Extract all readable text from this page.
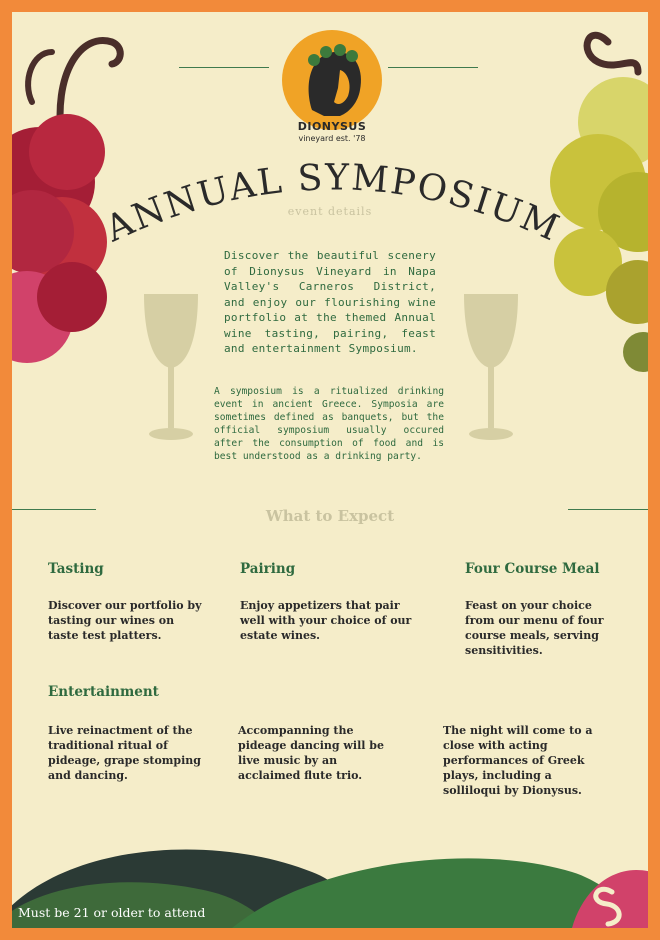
DIONYSUS
vineyard est. '78
ANNUAL SYMPOSIUM
event details
Discover the beautiful scenery of Dionysus Vineyard in Napa Valley's Carneros District, and enjoy our flourishing wine portfolio at the themed Annual wine tasting, pairing, feast and entertainment Symposium.
A symposium is a ritualized drinking event in ancient Greece. Symposia are sometimes defined as banquets, but the official symposium usually occured after the consumption of food and is best understood as a drinking party.
What to Expect
Tasting	Pairing	Four Course Meal
Discover our portfolio by tasting our wines on taste test platters.
Enjoy appetizers that pair well with your choice of our estate wines.
Feast on your choice from our menu of four course meals, serving sensitivities.
Entertainment
Live reinactment of the traditional ritual of pideage, grape stomping and dancing.
Accompanning the pideage dancing will be live music by an acclaimed flute trio.
The night will come to a close with acting performances of Greek plays, including a solliloqui by Dionysus.
Must be 21 or older to attend
